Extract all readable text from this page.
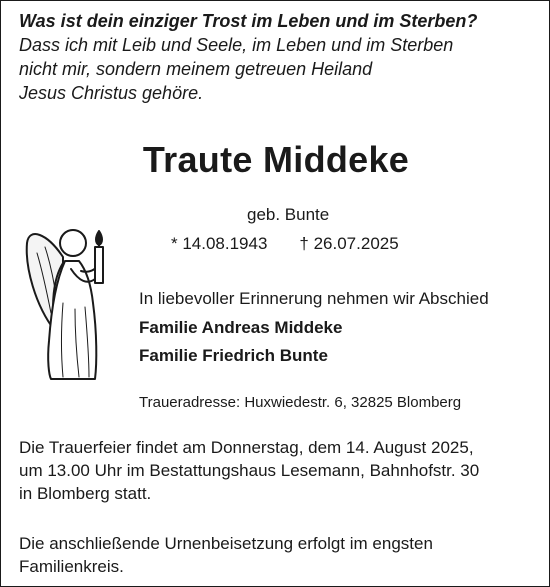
Was ist dein einziger Trost im Leben und im Sterben?
Dass ich mit Leib und Seele, im Leben und im Sterben
nicht mir, sondern meinem getreuen Heiland
Jesus Christus gehöre.
Traute Middeke
geb. Bunte
* 14.08.1943 † 26.07.2025
In liebevoller Erinnerung nehmen wir Abschied
Familie Andreas Middeke
Familie Friedrich Bunte
Traueradresse: Huxwiedestr. 6, 32825 Blomberg
Die Trauerfeier findet am Donnerstag, dem 14. August 2025,
um 13.00 Uhr im Bestattungshaus Lesemann, Bahnhofstr. 30
in Blomberg statt.
Die anschließende Urnenbeisetzung erfolgt im engsten
Familienkreis.
